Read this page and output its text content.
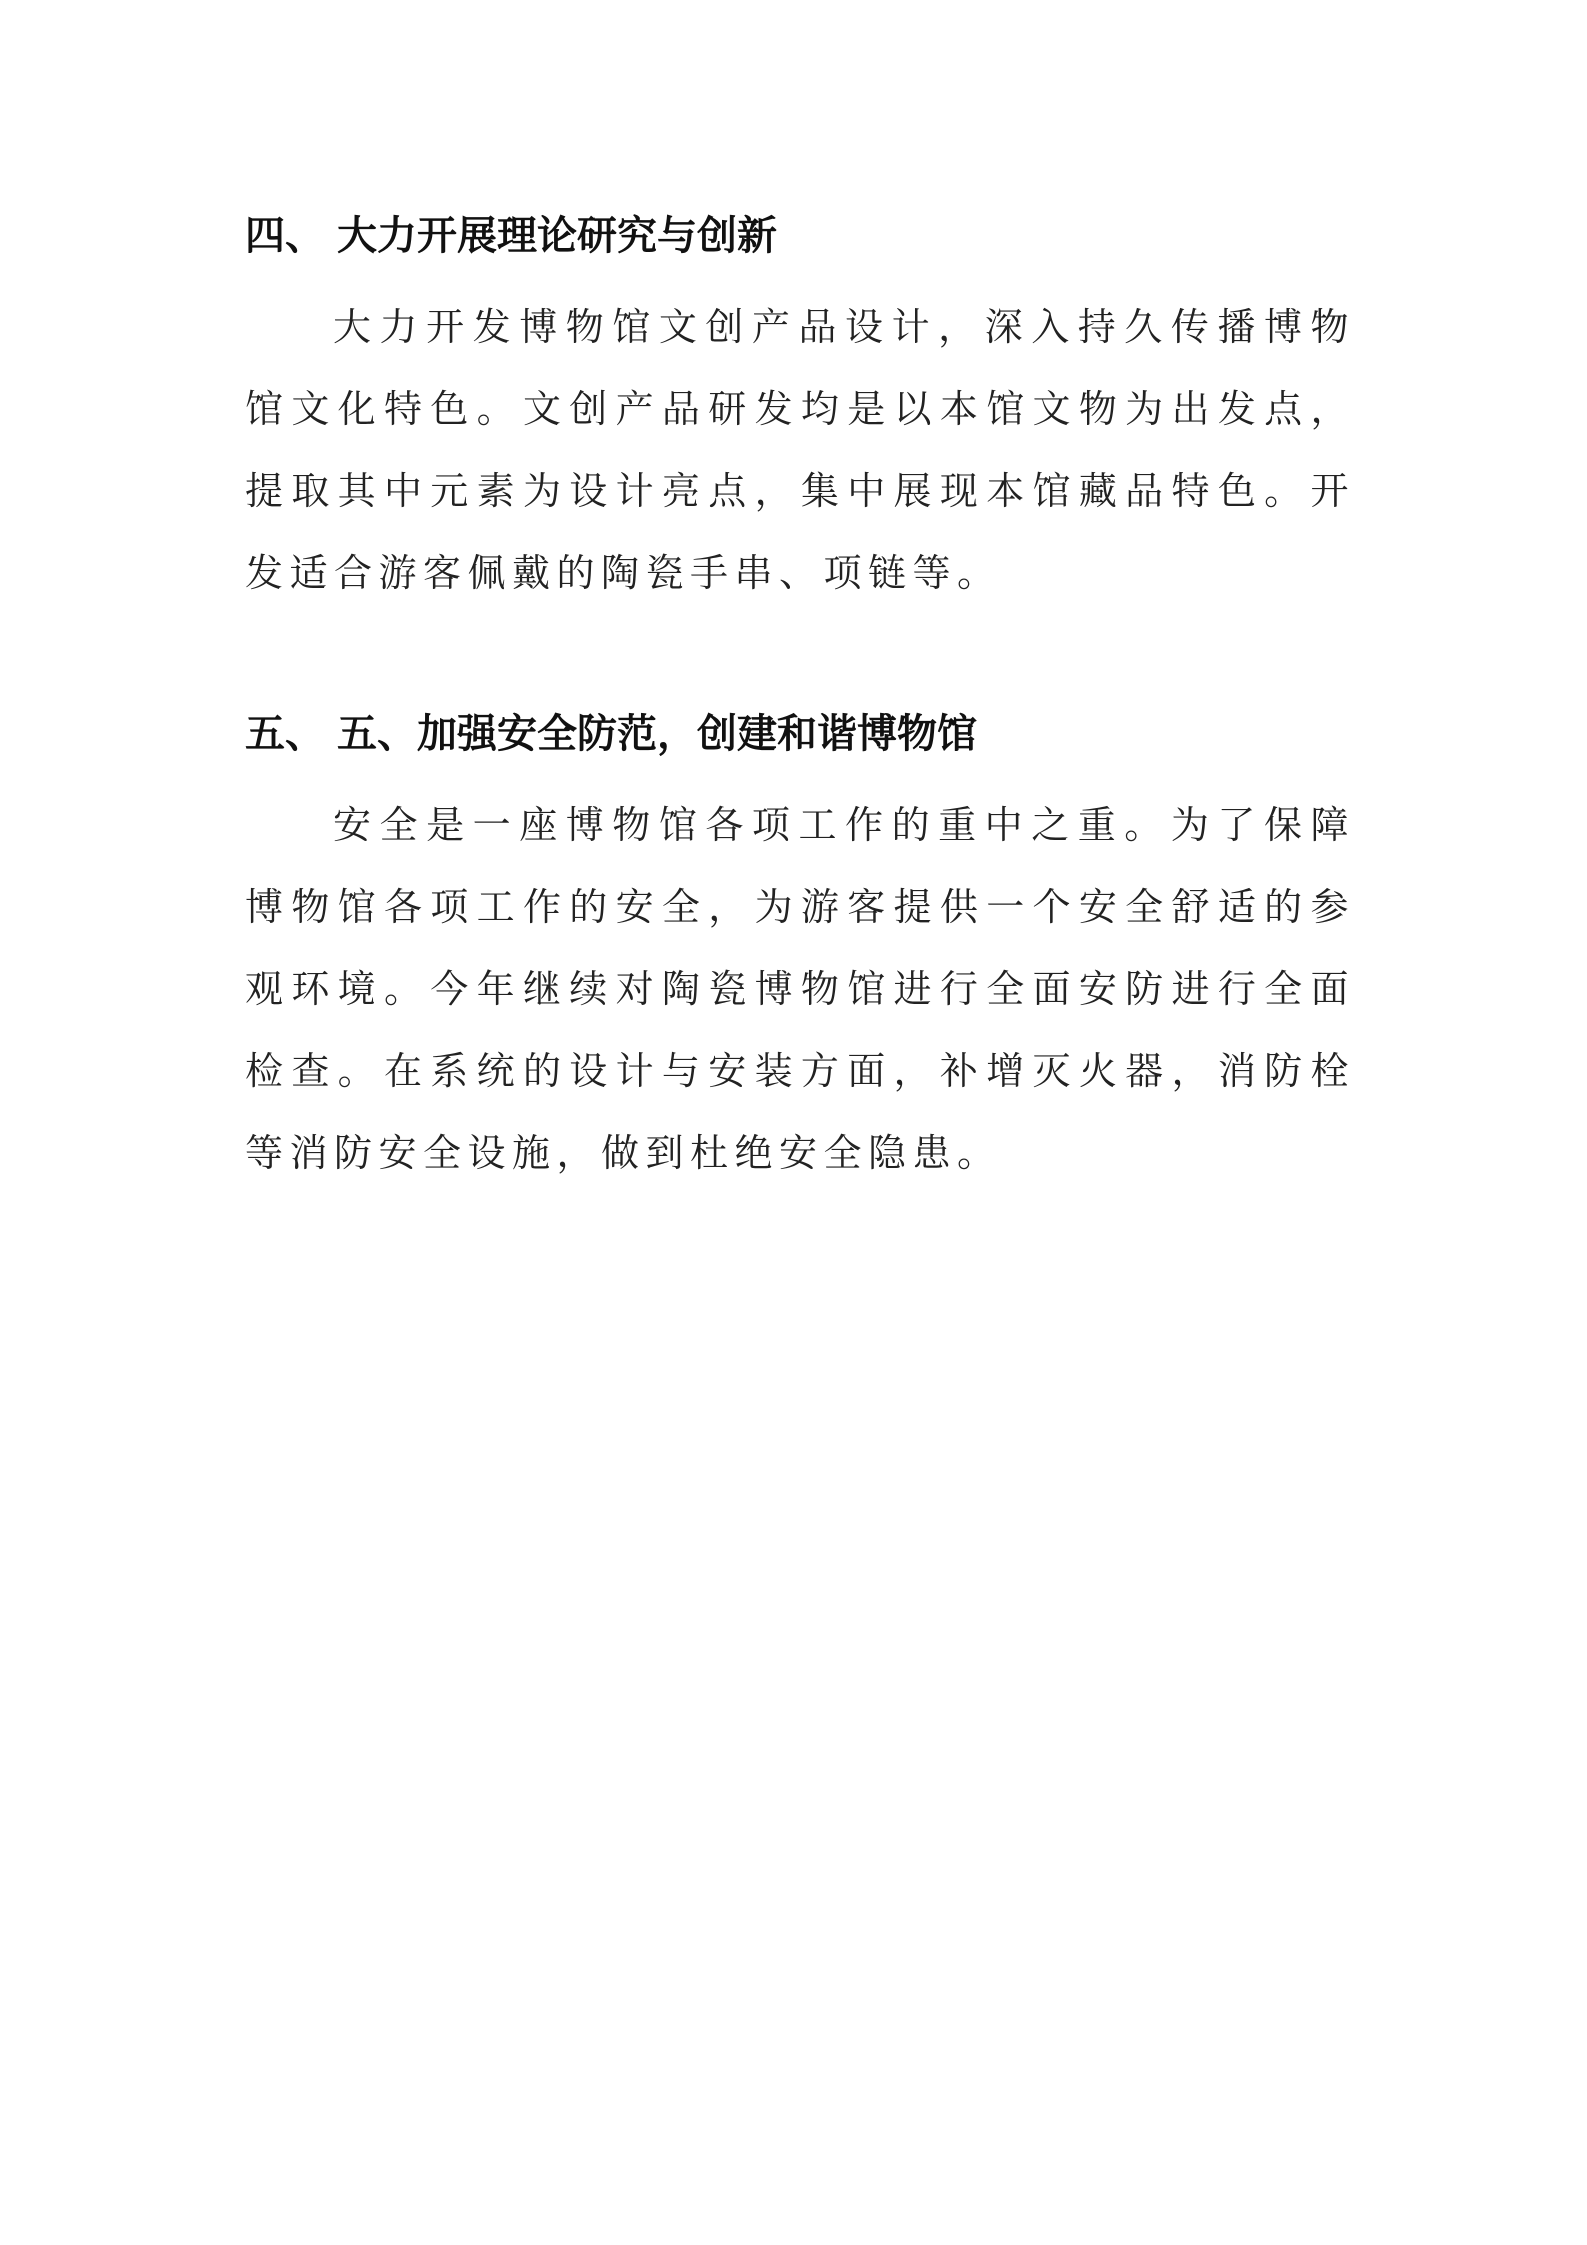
四、 大力开展理论研究与创新

大力开发博物馆文创产品设计，深入持久传播博物馆文化特色。文创产品研发均是以本馆文物为出发点，提取其中元素为设计亮点，集中展现本馆藏品特色。开发适合游客佩戴的陶瓷手串、项链等。

五、 五、加强安全防范，创建和谐博物馆

安全是一座博物馆各项工作的重中之重。为了保障博物馆各项工作的安全，为游客提供一个安全舒适的参观环境。今年继续对陶瓷博物馆进行全面安防进行全面检查。在系统的设计与安装方面，补增灭火器，消防栓等消防安全设施，做到杜绝安全隐患。
